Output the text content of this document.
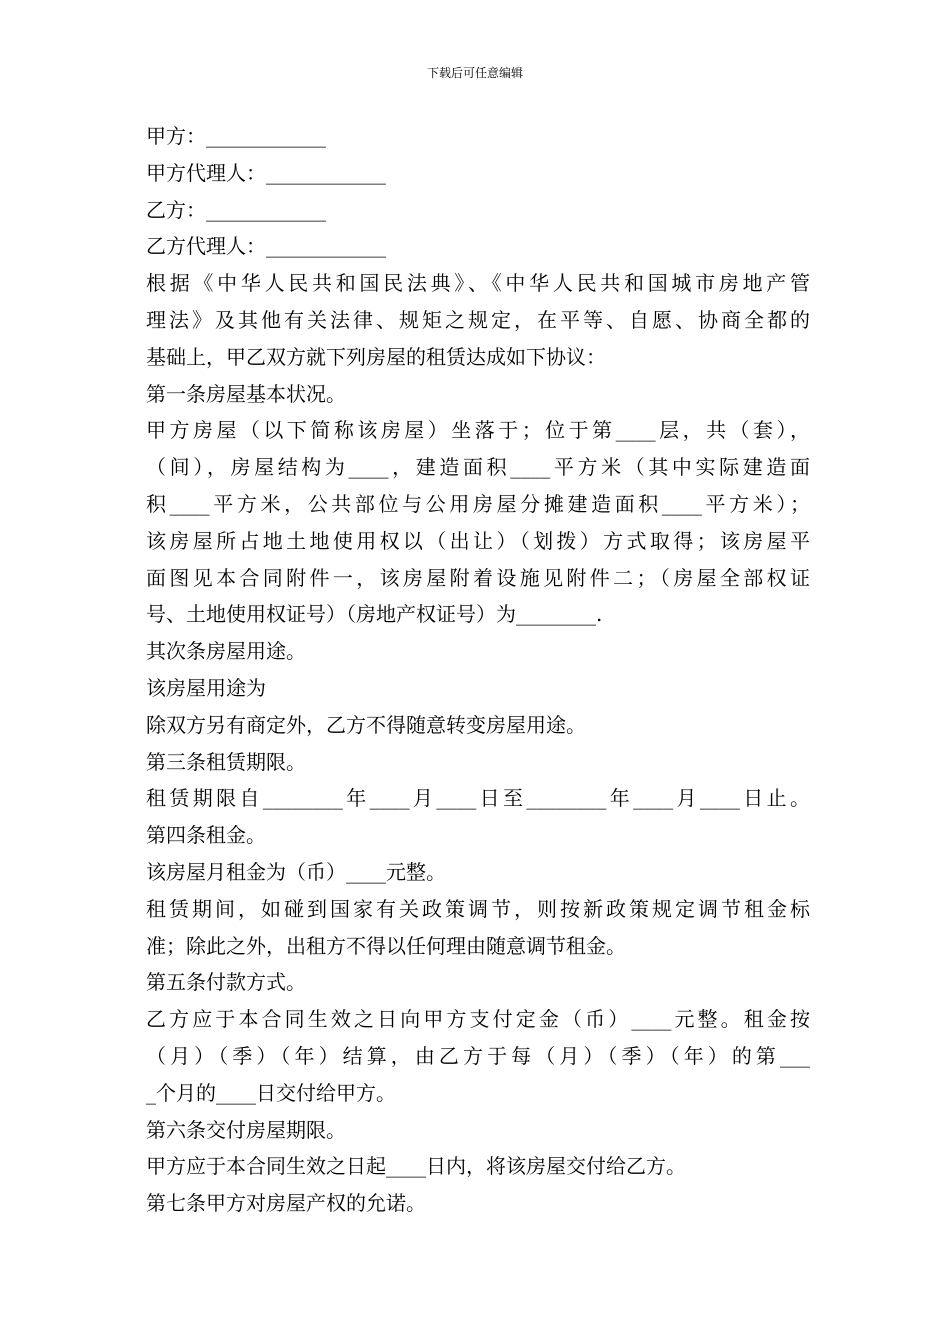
下载后可任意编辑
甲方：____________
甲方代理人：____________
乙方：____________
乙方代理人：____________
根据《中华人民共和国民法典》、《中华人民共和国城市房地产管
理法》及其他有关法律、规矩之规定，在平等、自愿、协商全都的
基础上，甲乙双方就下列房屋的租赁达成如下协议：
第一条房屋基本状况。
甲方房屋（以下简称该房屋）坐落于；位于第____层，共（套），
（间），房屋结构为____，建造面积____平方米（其中实际建造面
积____平方米，公共部位与公用房屋分摊建造面积____平方米）；
该房屋所占地土地使用权以（出让）（划拨）方式取得；该房屋平
面图见本合同附件一，该房屋附着设施见附件二；（房屋全部权证
号、土地使用权证号）（房地产权证号）为________.
其次条房屋用途。
该房屋用途为
除双方另有商定外，乙方不得随意转变房屋用途。
第三条租赁期限。
租赁期限自________年____月____日至________年____月____日止。
第四条租金。
该房屋月租金为（币）____元整。
租赁期间，如碰到国家有关政策调节，则按新政策规定调节租金标
准；除此之外，出租方不得以任何理由随意调节租金。
第五条付款方式。
乙方应于本合同生效之日向甲方支付定金（币）____元整。租金按
（月）（季）（年）结算，由乙方于每（月）（季）（年）的第___
_个月的____日交付给甲方。
第六条交付房屋期限。
甲方应于本合同生效之日起____日内，将该房屋交付给乙方。
第七条甲方对房屋产权的允诺。
